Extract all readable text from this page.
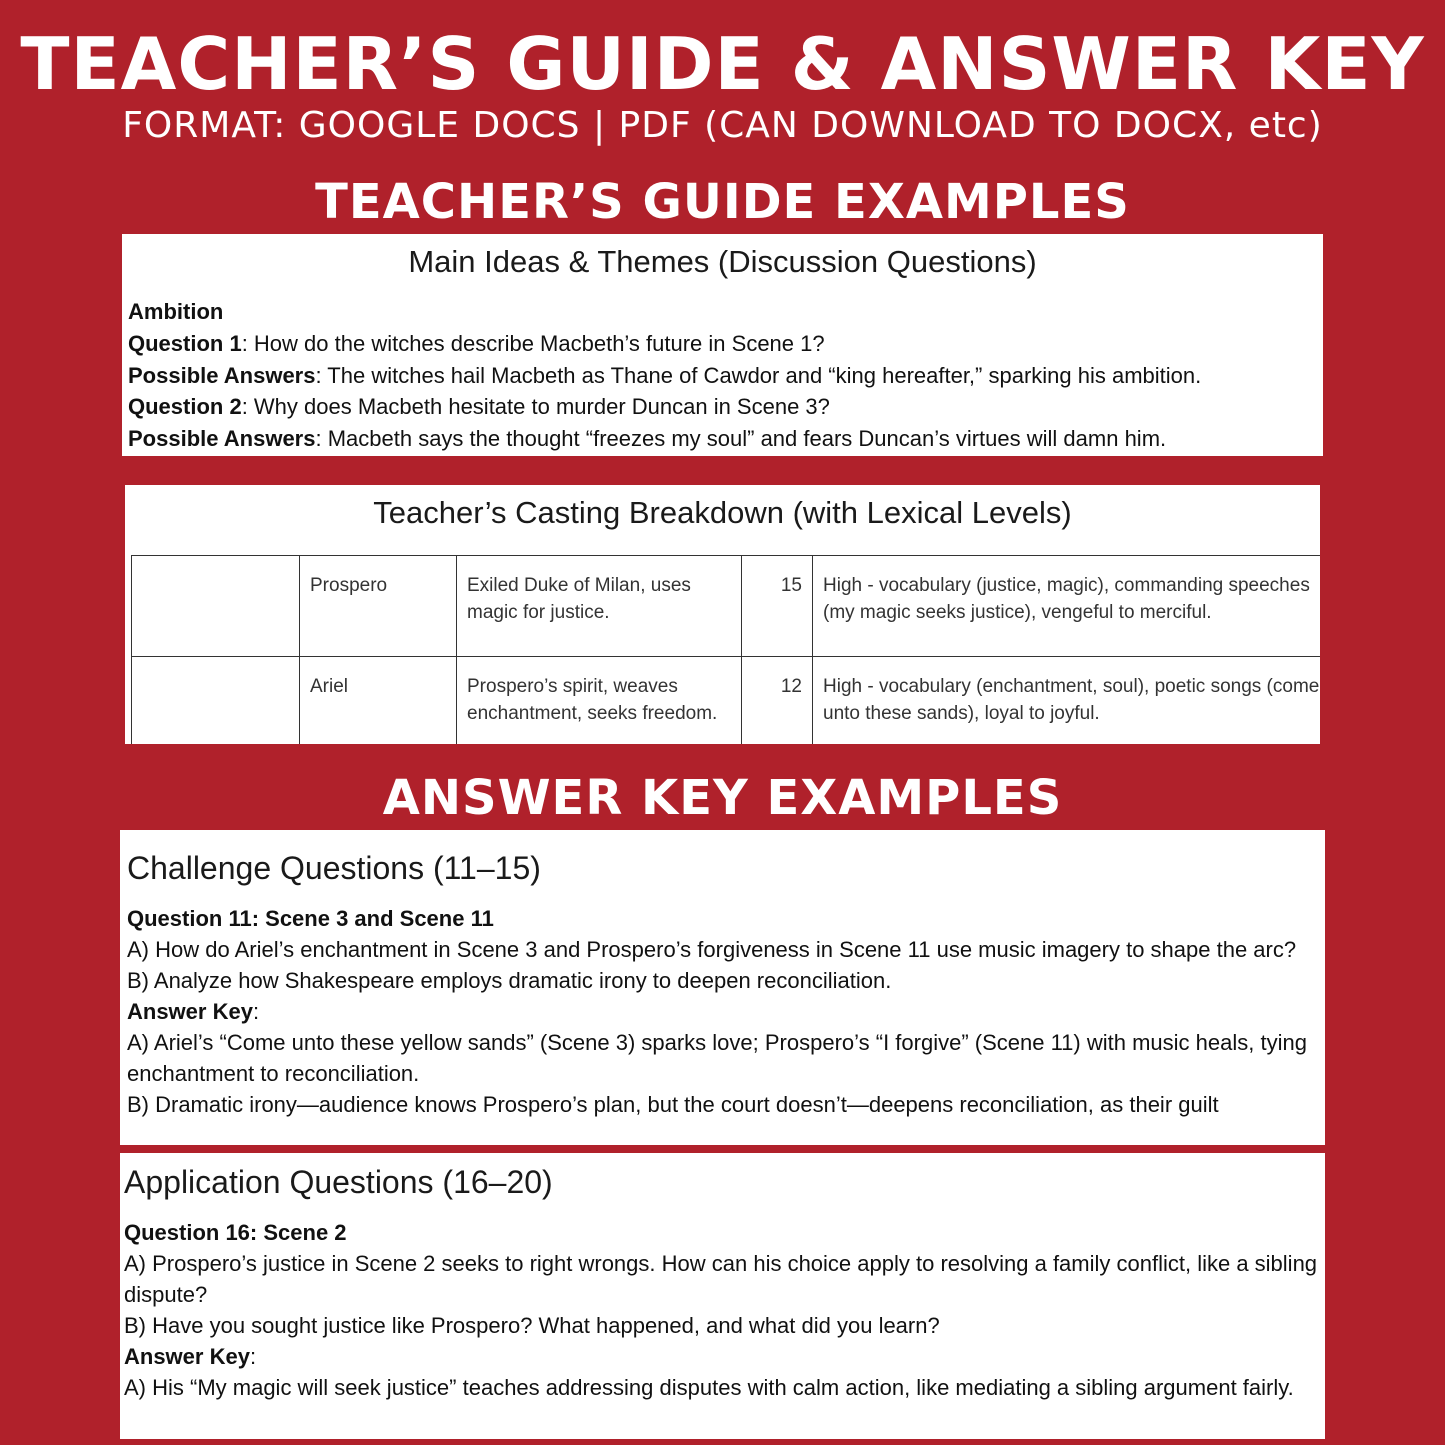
TEACHER’S GUIDE & ANSWER KEY
FORMAT: GOOGLE DOCS | PDF (CAN DOWNLOAD TO DOCX, etc)
TEACHER’S GUIDE EXAMPLES
Main Ideas & Themes (Discussion Questions)

Ambition

Question 1: How do the witches describe Macbeth’s future in Scene 1?

Possible Answers: The witches hail Macbeth as Thane of Cawdor and “king hereafter,” sparking his ambition.

Question 2: Why does Macbeth hesitate to murder Duncan in Scene 3?

Possible Answers: Macbeth says the thought “freezes my soul” and fears Duncan’s virtues will damn him.

Teacher’s Casting Breakdown (with Lexical Levels)
	Prospero	Exiled Duke of Milan, uses magic for justice.	15	High - vocabulary (justice, magic), commanding speeches (my magic seeks justice), vengeful to merciful.
	Ariel	Prospero’s spirit, weaves enchantment, seeks freedom.	12	High - vocabulary (enchantment, soul), poetic songs (come unto these sands), loyal to joyful.
ANSWER KEY EXAMPLES
Challenge Questions (11–15)

Question 11: Scene 3 and Scene 11

A) How do Ariel’s enchantment in Scene 3 and Prospero’s forgiveness in Scene 11 use music imagery to shape the arc?

B) Analyze how Shakespeare employs dramatic irony to deepen reconciliation.

Answer Key:

A) Ariel’s “Come unto these yellow sands” (Scene 3) sparks love; Prospero’s “I forgive” (Scene 11) with music heals, tying enchantment to reconciliation.

B) Dramatic irony—audience knows Prospero’s plan, but the court doesn’t—deepens reconciliation, as their guilt

Application Questions (16–20)

Question 16: Scene 2

A) Prospero’s justice in Scene 2 seeks to right wrongs. How can his choice apply to resolving a family conflict, like a sibling dispute?

B) Have you sought justice like Prospero? What happened, and what did you learn?

Answer Key:

A) His “My magic will seek justice” teaches addressing disputes with calm action, like mediating a sibling argument fairly.
